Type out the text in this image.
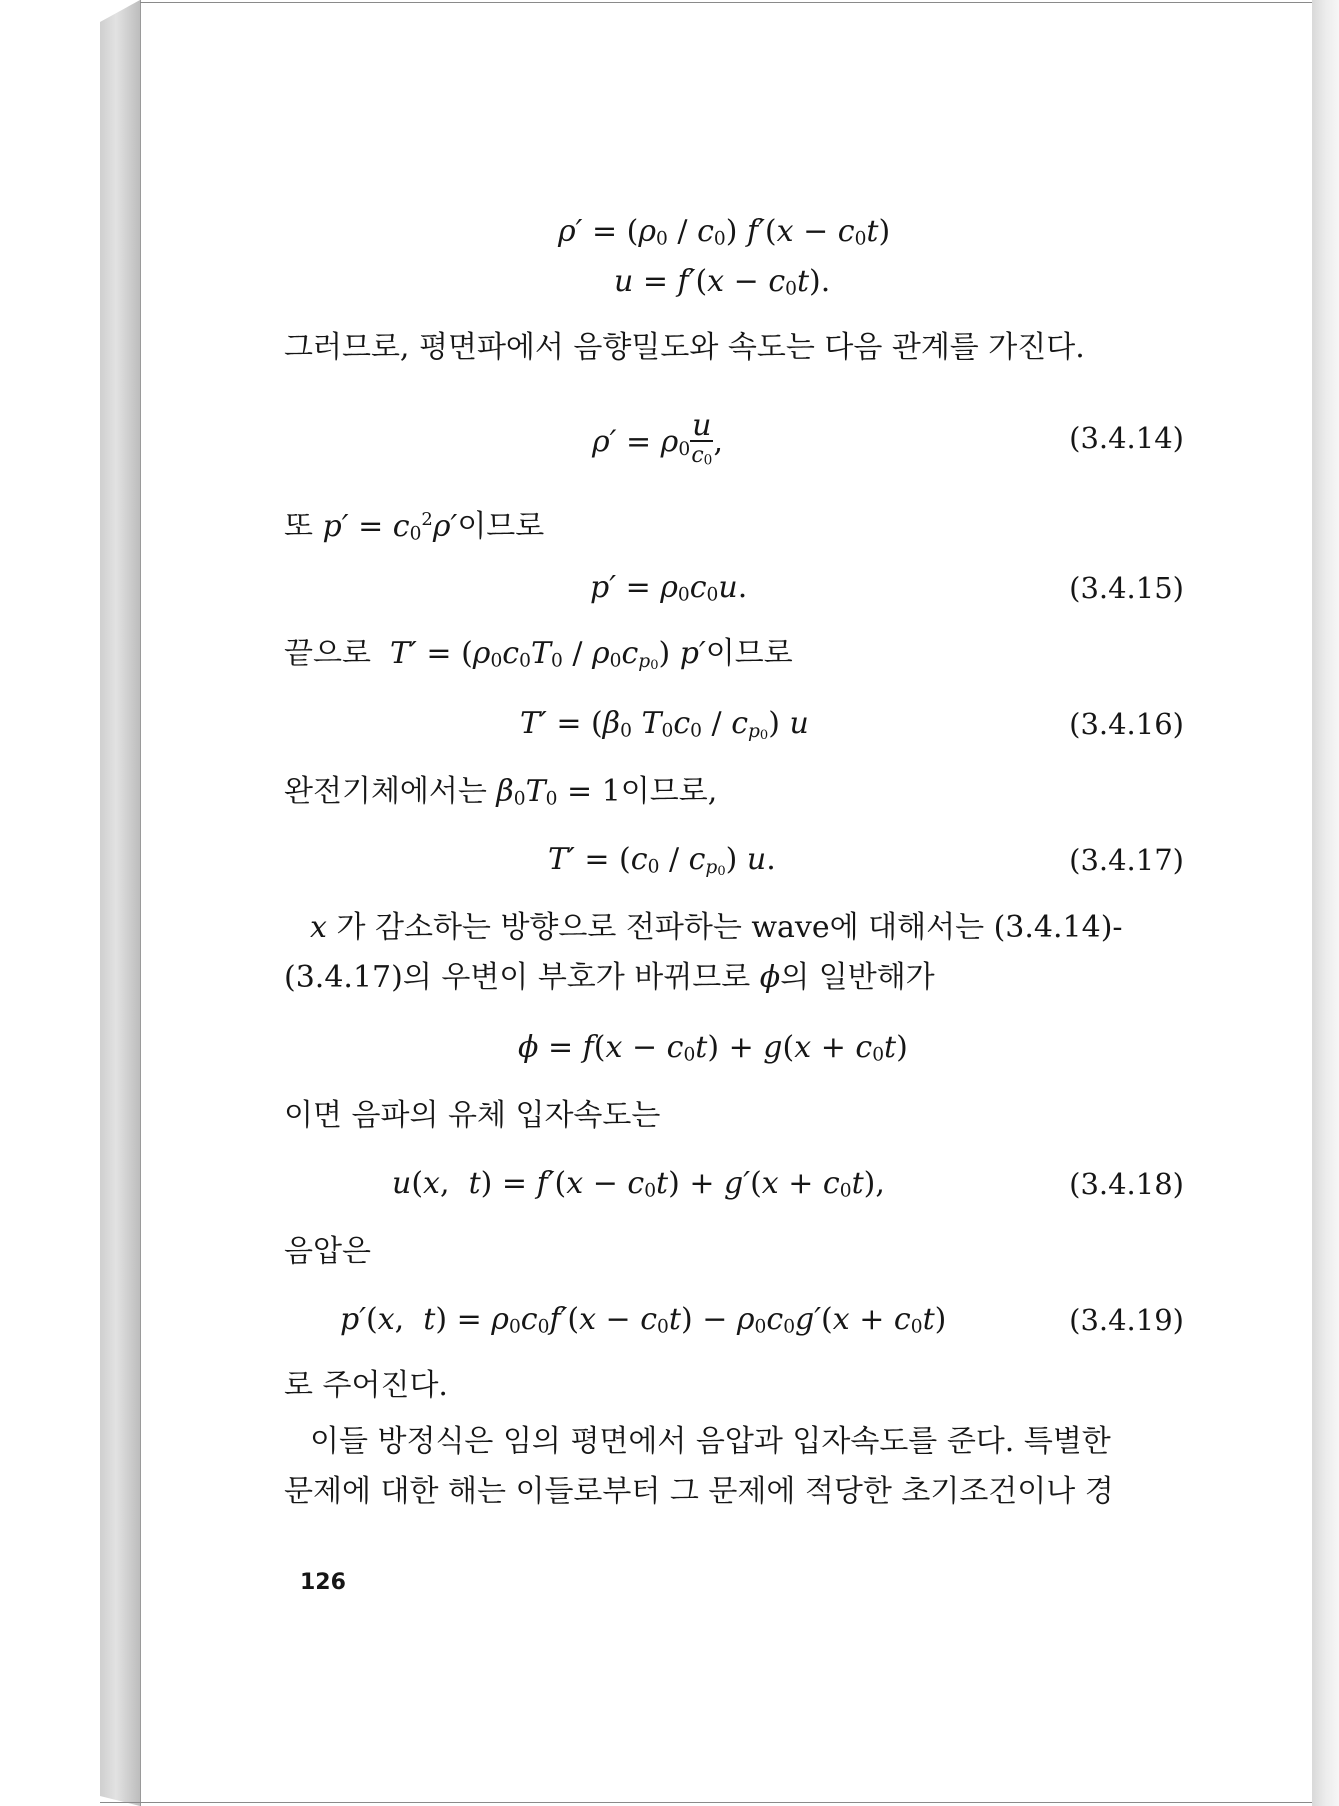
$\rho' = (\rho_0 / c_0) f'(x - c_0t)$

$u = f'(x - c_0t)$.

그러므로, 평면파에서 음향밀도와 속도는 다음 관계를 가진다.

$\rho' = \rho_0 \frac{u}{c_0}$ ,	(3.4.14)

또 $p' = c_0^2\rho'$이므로

$p' = \rho_0c_0u$.	(3.4.15)

끝으로 $T' = (\rho_0c_0T_0 / \rho_0c_{p0})$ p′이므로

$T' = (\beta_0$ $T_0c_0 / c_{p0}$) u	(3.4.16)

완전기체에서는 $\beta_0T_0 = 1$이므로,

$T' = (c_0 / c_{p0})$ u.	(3.4.17)

x 가 감소하는 방향으로 전파하는 wave에 대해서는 (3.4.14)-

(3.4.17)의 우변이 부호가 바뀌므로 ϕ의 일반해가

$\phi = f(x - c_0t) + g(x + c_0t)$

이면 음파의 유체 입자속도는

u(x,  $t) = f'(x - c_0t) + g'(x + c_0t)$,	(3.4.18)

음압은

p′(x,  $t) = \rho_0c_0f'(x - c_0t) - \rho_0c_0g'(x + c_0t)$	(3.4.19)

로 주어진다.

이들 방정식은 임의 평면에서 음압과 입자속도를 준다. 특별한

문제에 대한 해는 이들로부터 그 문제에 적당한 초기조건이나 경

126
